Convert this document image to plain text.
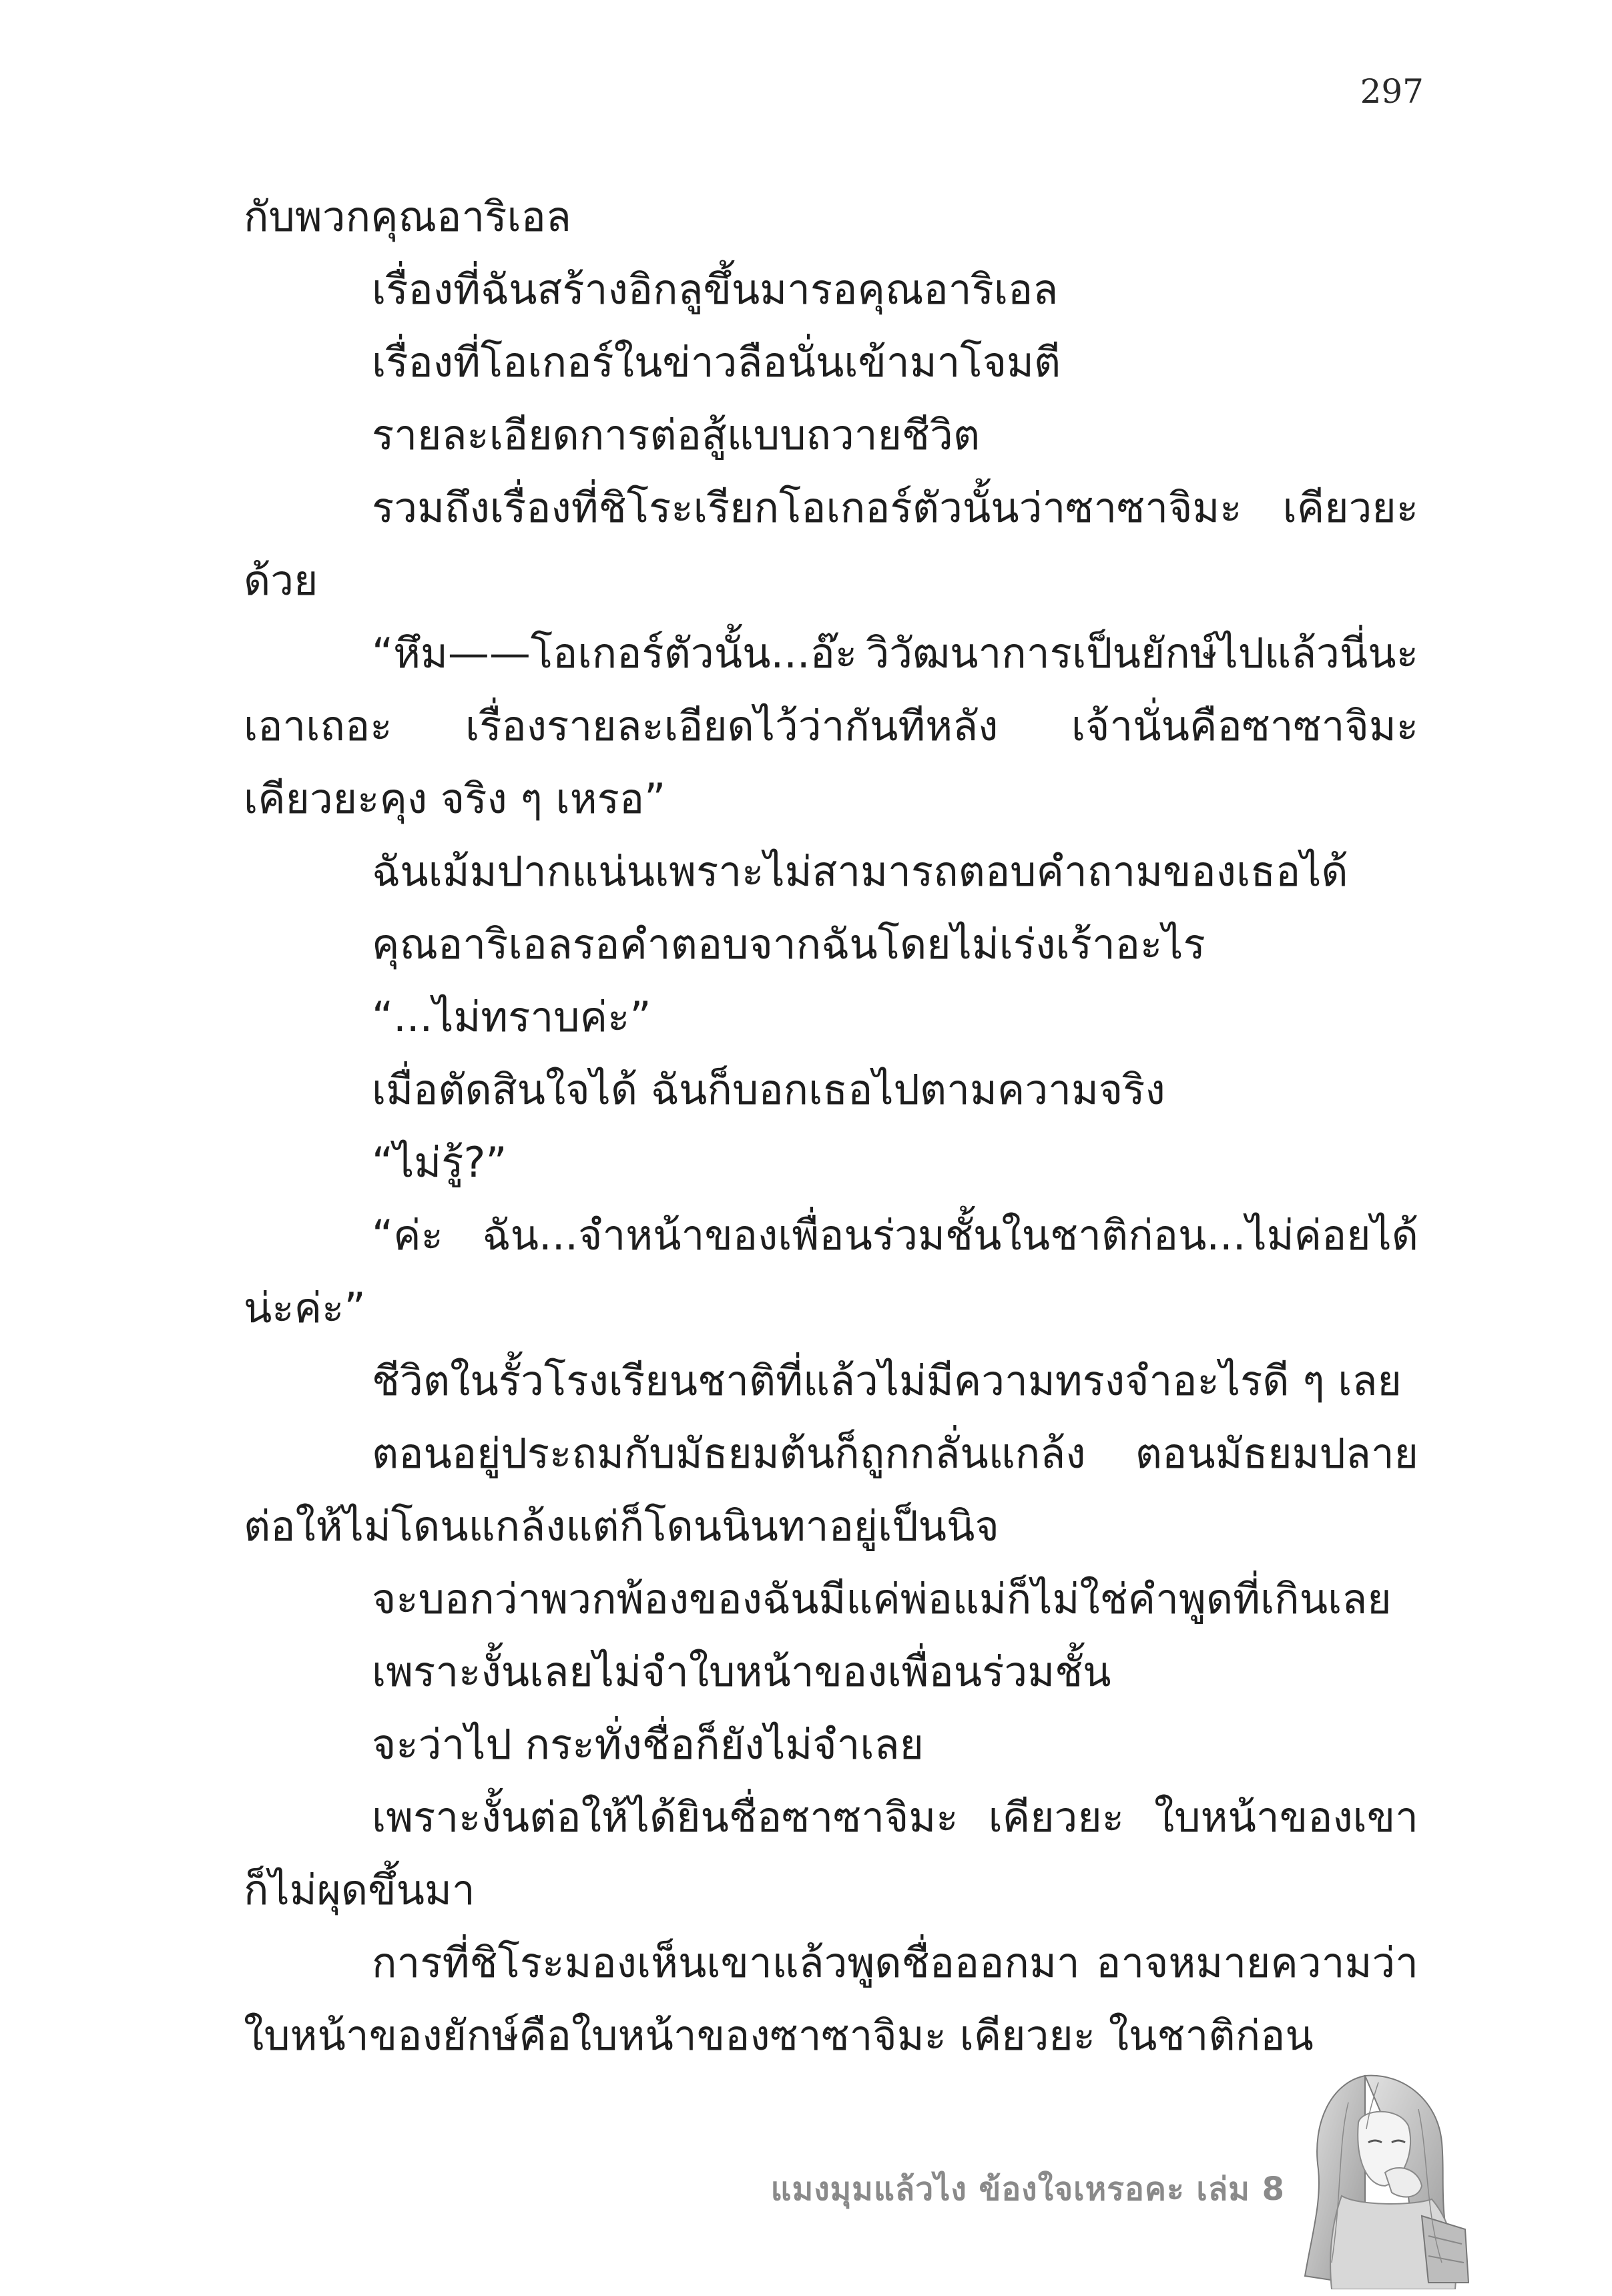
297
กับพวกคุณอาริเอล
เรื่องที่ฉันสร้างอิกลูขึ้นมารอคุณอาริเอล
เรื่องที่โอเกอร์ในข่าวลือนั่นเข้ามาโจมตี
รายละเอียดการต่อสู้แบบถวายชีวิต
รวมถึงเรื่องที่ชิโระเรียกโอเกอร์ตัวนั้นว่าซาซาจิมะ เคียวยะ
ด้วย
“หึม——โอเกอร์ตัวนั้น...อ๊ะ วิวัฒนาการเป็นยักษ์ไปแล้วนี่นะ
เอาเถอะ เรื่องรายละเอียดไว้ว่ากันทีหลัง เจ้านั่นคือซาซาจิมะ
เคียวยะคุง จริง ๆ เหรอ”
ฉันเม้มปากแน่นเพราะไม่สามารถตอบคำถามของเธอได้
คุณอาริเอลรอคำตอบจากฉันโดยไม่เร่งเร้าอะไร
“...ไม่ทราบค่ะ”
เมื่อตัดสินใจได้ ฉันก็บอกเธอไปตามความจริง
“ไม่รู้?”
“ค่ะ ฉัน...จำหน้าของเพื่อนร่วมชั้นในชาติก่อน...ไม่ค่อยได้
น่ะค่ะ”
ชีวิตในรั้วโรงเรียนชาติที่แล้วไม่มีความทรงจำอะไรดี ๆ เลย
ตอนอยู่ประถมกับมัธยมต้นก็ถูกกลั่นแกล้ง ตอนมัธยมปลาย
ต่อให้ไม่โดนแกล้งแต่ก็โดนนินทาอยู่เป็นนิจ
จะบอกว่าพวกพ้องของฉันมีแค่พ่อแม่ก็ไม่ใช่คำพูดที่เกินเลย
เพราะงั้นเลยไม่จำใบหน้าของเพื่อนร่วมชั้น
จะว่าไป กระทั่งชื่อก็ยังไม่จำเลย
เพราะงั้นต่อให้ได้ยินชื่อซาซาจิมะ เคียวยะ ใบหน้าของเขา
ก็ไม่ผุดขึ้นมา
การที่ชิโระมองเห็นเขาแล้วพูดชื่อออกมา อาจหมายความว่า
ใบหน้าของยักษ์คือใบหน้าของซาซาจิมะ เคียวยะ ในชาติก่อน
แมงมุมแล้วไง ข้องใจเหรอคะ เล่ม 8
